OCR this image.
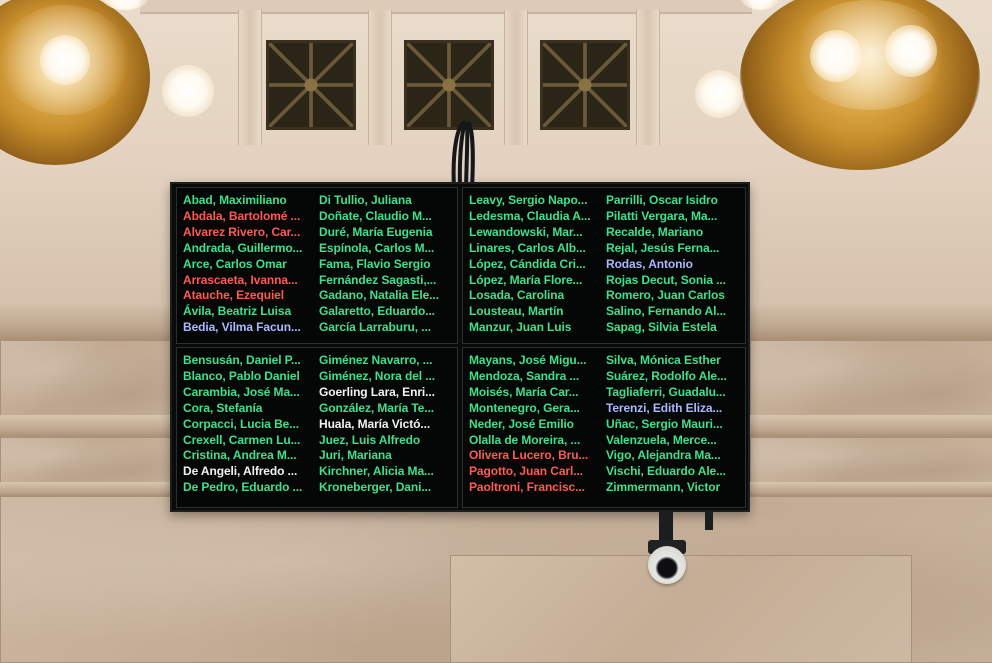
Abad, Maximiliano
Abdala, Bartolomé ...
Alvarez Rivero, Car...
Andrada, Guillermo...
Arce, Carlos Omar
Arrascaeta, Ivanna...
Atauche, Ezequiel
Ávila, Beatriz Luisa
Bedia, Vilma Facun...
Di Tullio, Juliana
Doñate, Claudio M...
Duré, María Eugenia
Espínola, Carlos M...
Fama, Flavio Sergio
Fernández Sagasti,...
Gadano, Natalia Ele...
Galaretto, Eduardo...
García Larraburu, ...
Leavy, Sergio Napo...
Ledesma, Claudia A...
Lewandowski, Mar...
Linares, Carlos Alb...
López, Cándida Cri...
López, María Flore...
Losada, Carolina
Lousteau, Martín
Manzur, Juan Luis
Parrilli, Oscar Isidro
Pilatti Vergara, Ma...
Recalde, Mariano
Rejal, Jesús Ferna...
Rodas, Antonio
Rojas Decut, Sonia ...
Romero, Juan Carlos
Salino, Fernando Al...
Sapag, Silvia Estela
Bensusán, Daniel P...
Blanco, Pablo Daniel
Carambia, José Ma...
Cora, Stefanía
Corpacci, Lucia Be...
Crexell, Carmen Lu...
Cristina, Andrea M...
De Angeli, Alfredo ...
De Pedro, Eduardo ...
Giménez Navarro, ...
Giménez, Nora del ...
Goerling Lara, Enri...
González, María Te...
Huala, María Victó...
Juez, Luis Alfredo
Juri, Mariana
Kirchner, Alicia Ma...
Kroneberger, Dani...
Mayans, José Migu...
Mendoza, Sandra ...
Moisés, María Car...
Montenegro, Gera...
Neder, José Emilio
Olalla de Moreira, ...
Olivera Lucero, Bru...
Pagotto, Juan Carl...
Paoltroni, Francisc...
Silva, Mónica Esther
Suárez, Rodolfo Ale...
Tagliaferri, Guadalu...
Terenzi, Edith Eliza...
Uñac, Sergio Mauri...
Valenzuela, Merce...
Vigo, Alejandra Ma...
Vischi, Eduardo Ale...
Zimmermann, Victor
